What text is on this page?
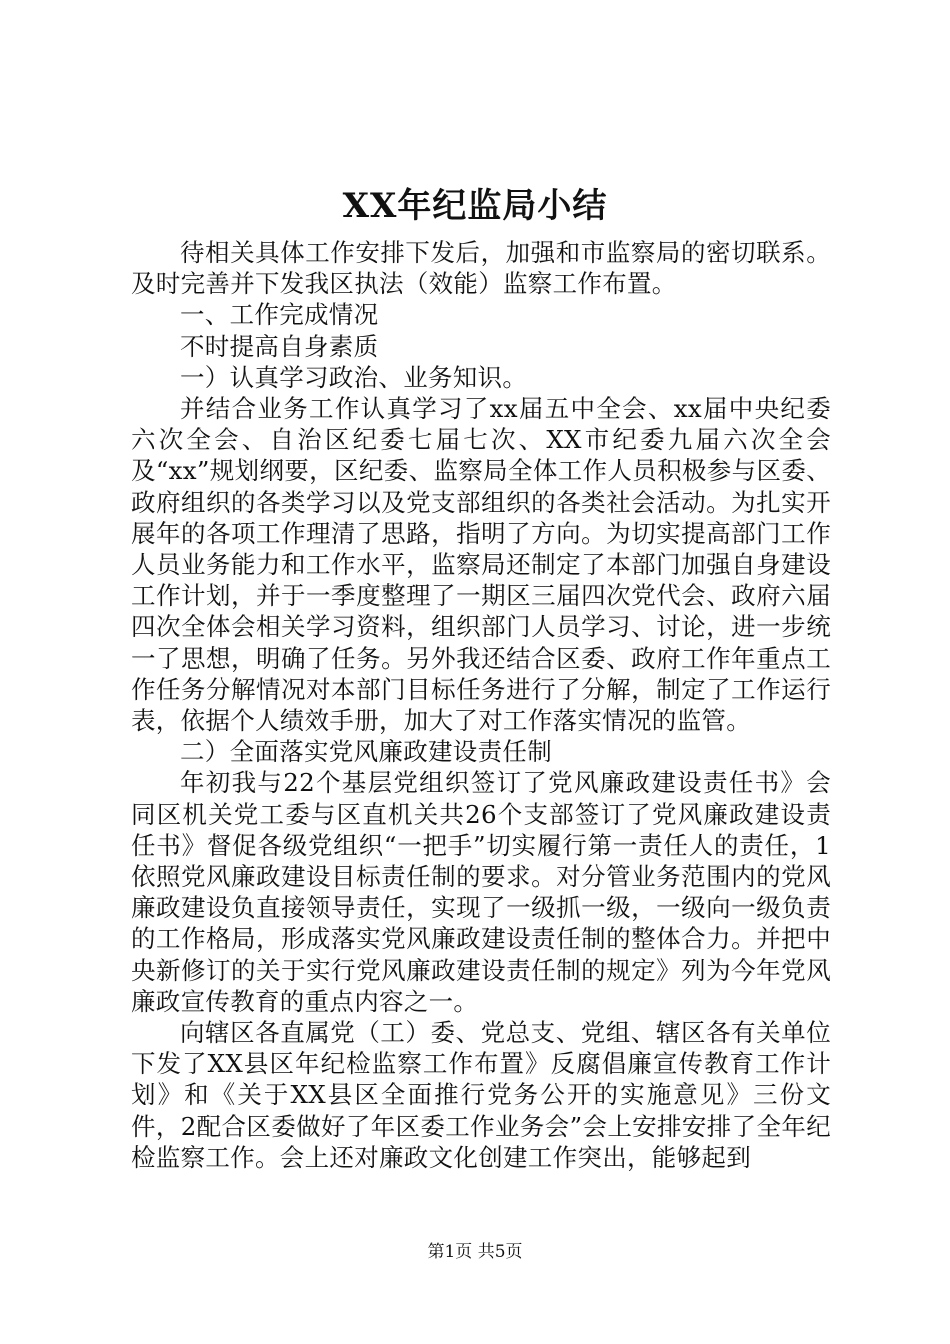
XX年纪监局小结

待相关具体工作安排下发后，加强和市监察局的密切联系。及时完善并下发我区执法（效能）监察工作布置。

一、工作完成情况

不时提高自身素质

一）认真学习政治、业务知识。

并结合业务工作认真学习了xx届五中全会、xx届中央纪委六次全会、自治区纪委七届七次、XX市纪委九届六次全会及“xx”规划纲要，区纪委、监察局全体工作人员积极参与区委、政府组织的各类学习以及党支部组织的各类社会活动。为扎实开展年的各项工作理清了思路，指明了方向。为切实提高部门工作人员业务能力和工作水平，监察局还制定了本部门加强自身建设工作计划，并于一季度整理了一期区三届四次党代会、政府六届四次全体会相关学习资料，组织部门人员学习、讨论，进一步统一了思想，明确了任务。另外我还结合区委、政府工作年重点工作任务分解情况对本部门目标任务进行了分解，制定了工作运行表，依据个人绩效手册，加大了对工作落实情况的监管。

二）全面落实党风廉政建设责任制

年初我与22个基层党组织签订了党风廉政建设责任书》会同区机关党工委与区直机关共26个支部签订了党风廉政建设责任书》督促各级党组织“一把手”切实履行第一责任人的责任，1依照党风廉政建设目标责任制的要求。对分管业务范围内的党风廉政建设负直接领导责任，实现了一级抓一级，一级向一级负责的工作格局，形成落实党风廉政建设责任制的整体合力。并把中央新修订的关于实行党风廉政建设责任制的规定》列为今年党风廉政宣传教育的重点内容之一。

向辖区各直属党（工）委、党总支、党组、辖区各有关单位下发了XX县区年纪检监察工作布置》反腐倡廉宣传教育工作计划》和《关于XX县区全面推行党务公开的实施意见》三份文件，2配合区委做好了年区委工作业务会”会上安排安排了全年纪检监察工作。会上还对廉政文化创建工作突出，能够起到

第1页 共5页
